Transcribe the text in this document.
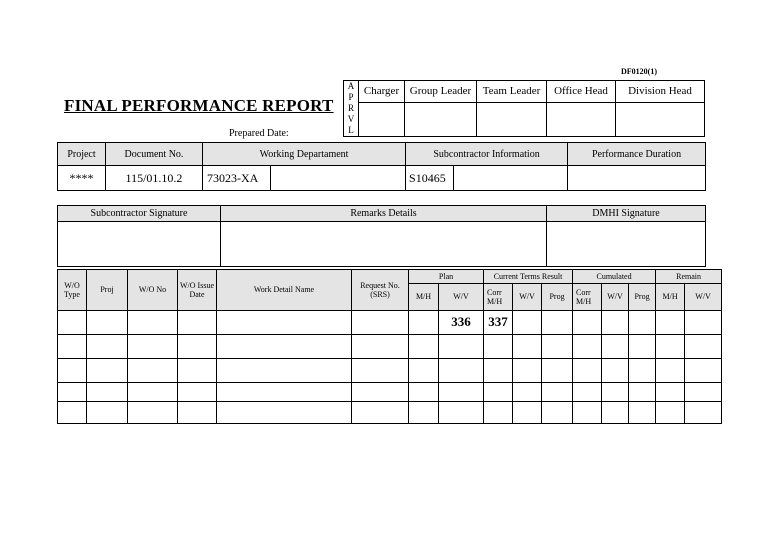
DF0120(1)
FINAL PERFORMANCE REPORT
Prepared Date:
A
P
R
V
L	Charger	Group Leader	Team Leader	Office Head	Division Head

Project	Document No.	Working Departament		Subcontractor Information		Performance Duration
****	115/01.10.2	73023-XA		S10465		
Subcontractor Signature	Remarks Details	DMHI Signature

W/O Type	Proj	W/O No	W/O Issue Date	Work Detail Name	Request No. (SRS)	Plan		Current Terms Result			Cumulated			Remain	
						M/H	W/V	Corr M/H	W/V	Prog	Corr M/H	W/V	Prog	M/H	W/V
							336	337							
